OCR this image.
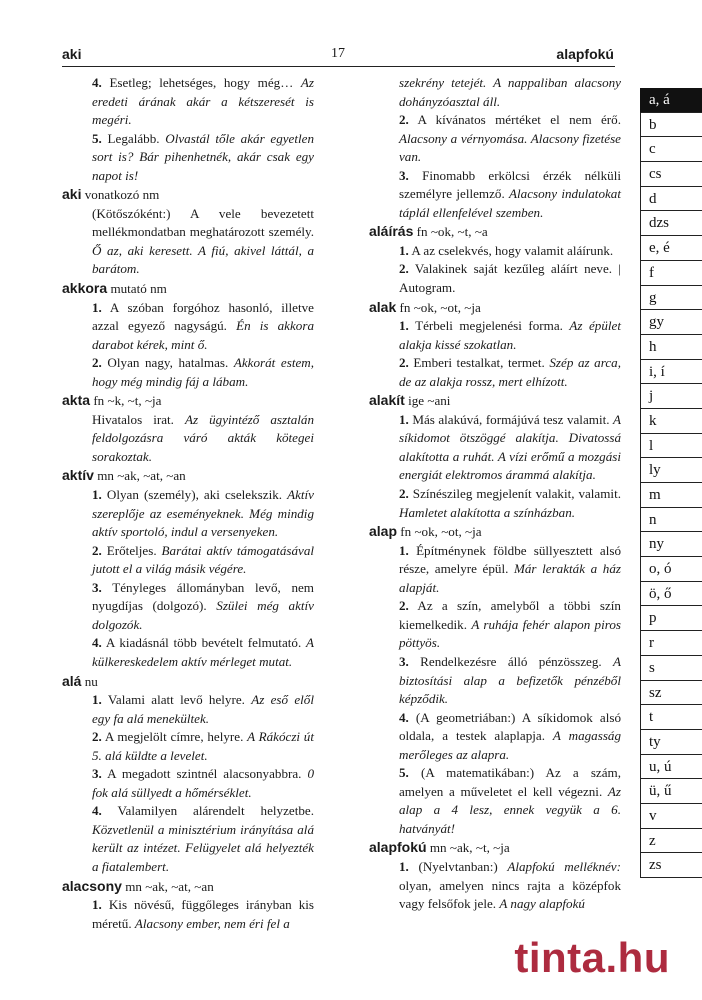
aki	17	alapfokú

4. Esetleg; lehetséges, hogy még… Az eredeti árának akár a kétszeresét is megéri.

5. Legalább. Olvastál tőle akár egyetlen sort is? Bár pihenhetnék, akár csak egy napot is!

aki vonatkozó nm

(Kötőszóként:) A vele bevezetett mellékmondatban meghatározott személy. Ő az, aki keresett. A fiú, akivel láttál, a barátom.

akkora mutató nm

1. A szóban forgóhoz hasonló, illetve azzal egyező nagyságú. Én is akkora darabot kérek, mint ő.

2. Olyan nagy, hatalmas. Akkorát estem, hogy még mindig fáj a lábam.

akta fn ~k, ~t, ~ja

Hivatalos irat. Az ügyintéző asztalán feldolgozásra váró akták kötegei sorakoztak.

aktív mn ~ak, ~at, ~an

1. Olyan (személy), aki cselekszik. Aktív szereplője az eseményeknek. Még mindig aktív sportoló, indul a versenyeken.

2. Erőteljes. Barátai aktív támogatásával jutott el a világ másik végére.

3. Tényleges állományban levő, nem nyugdíjas (dolgozó). Szülei még aktív dolgozók.

4. A kiadásnál több bevételt felmutató. A külkereskedelem aktív mérleget mutat.

alá nu

1. Valami alatt levő helyre. Az eső elől egy fa alá menekültek.

2. A megjelölt címre, helyre. A Rákóczi út 5. alá küldte a levelet.

3. A megadott szintnél alacsonyabbra. 0 fok alá süllyedt a hőmérséklet.

4. Valamilyen alárendelt helyzetbe. Közvetlenül a minisztérium irányítása alá került az intézet. Felügyelet alá helyezték a fiatalembert.

alacsony mn ~ak, ~at, ~an

1. Kis növésű, függőleges irányban kis méretű. Alacsony ember, nem éri fel a

szekrény tetejét. A nappaliban alacsony dohányzóasztal áll.

2. A kívánatos mértéket el nem érő. Alacsony a vérnyomása. Alacsony fizetése van.

3. Finomabb erkölcsi érzék nélküli személyre jellemző. Alacsony indulatokat táplál ellenfelével szemben.

aláírás fn ~ok, ~t, ~a

1. A az cselekvés, hogy valamit aláírunk.

2. Valakinek saját kezűleg aláírt neve. | Autogram.

alak fn ~ok, ~ot, ~ja

1. Térbeli megjelenési forma. Az épület alakja kissé szokatlan.

2. Emberi testalkat, termet. Szép az arca, de az alakja rossz, mert elhízott.

alakít ige ~ani

1. Más alakúvá, formájúvá tesz valamit. A síkidomot ötszöggé alakítja. Divatossá alakította a ruhát. A vízi erőmű a mozgási energiát elektromos árammá alakítja.

2. Színészileg megjelenít valakit, valamit. Hamletet alakította a színházban.

alap fn ~ok, ~ot, ~ja

1. Építménynek földbe süllyesztett alsó része, amelyre épül. Már lerakták a ház alapját.

2. Az a szín, amelyből a többi szín kiemelkedik. A ruhája fehér alapon piros pöttyös.

3. Rendelkezésre álló pénzösszeg. A biztosítási alap a befizetők pénzéből képződik.

4. (A geometriában:) A síkidomok alsó oldala, a testek alaplapja. A magasság merőleges az alapra.

5. (A matematikában:) Az a szám, amelyen a műveletet el kell végezni. Az alap a 4 lesz, ennek vegyük a 6. hatványát!

alapfokú mn ~ak, ~t, ~ja

1. (Nyelvtanban:) Alapfokú melléknév: olyan, amelyen nincs rajta a középfok vagy felsőfok jele. A nagy alapfokú

a, á
b
c
cs
d
dzs
e, é
f
g
gy
h
i, í
j
k
l
ly
m
n
ny
o, ó
ö, ő
p
r
s
sz
t
ty
u, ú
ü, ű
v
z
zs
tinta.hu
